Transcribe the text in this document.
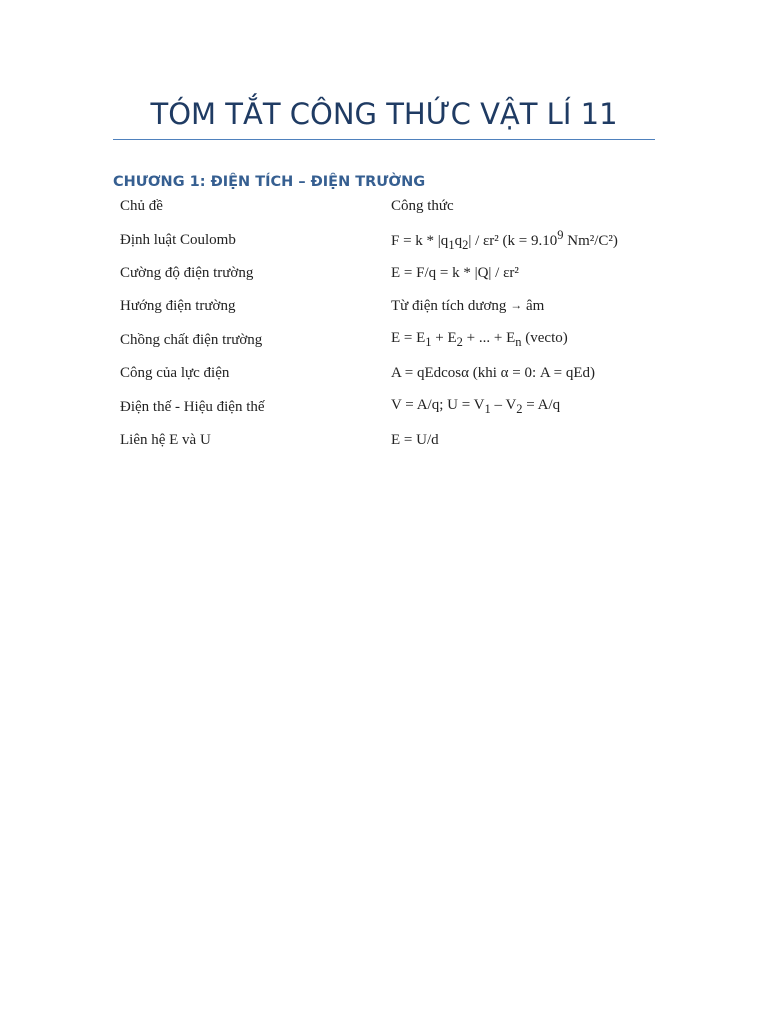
TÓM TẮT CÔNG THỨC VẬT LÍ 11
CHƯƠNG 1: ĐIỆN TÍCH – ĐIỆN TRƯỜNG
Chủ đề	Công thức
Định luật Coulomb	$F = k * |q_1q_2| / \varepsilon r^2$ ($k = 9.10^9$ Nm²/C²)
Cường độ điện trường	E = F/q = k * |Q| / εr²
Hướng điện trường	Từ điện tích dương → âm
Chồng chất điện trường	$E = E_1 + E_2$ + ... + $E_n$ (vecto)
Công của lực điện	A = qEdcosα (khi α = 0: A = qEd)
Điện thế - Hiệu điện thế	V = A/q; $U = V_1 - V_2 = A/q$
Liên hệ E và U	E = U/d
